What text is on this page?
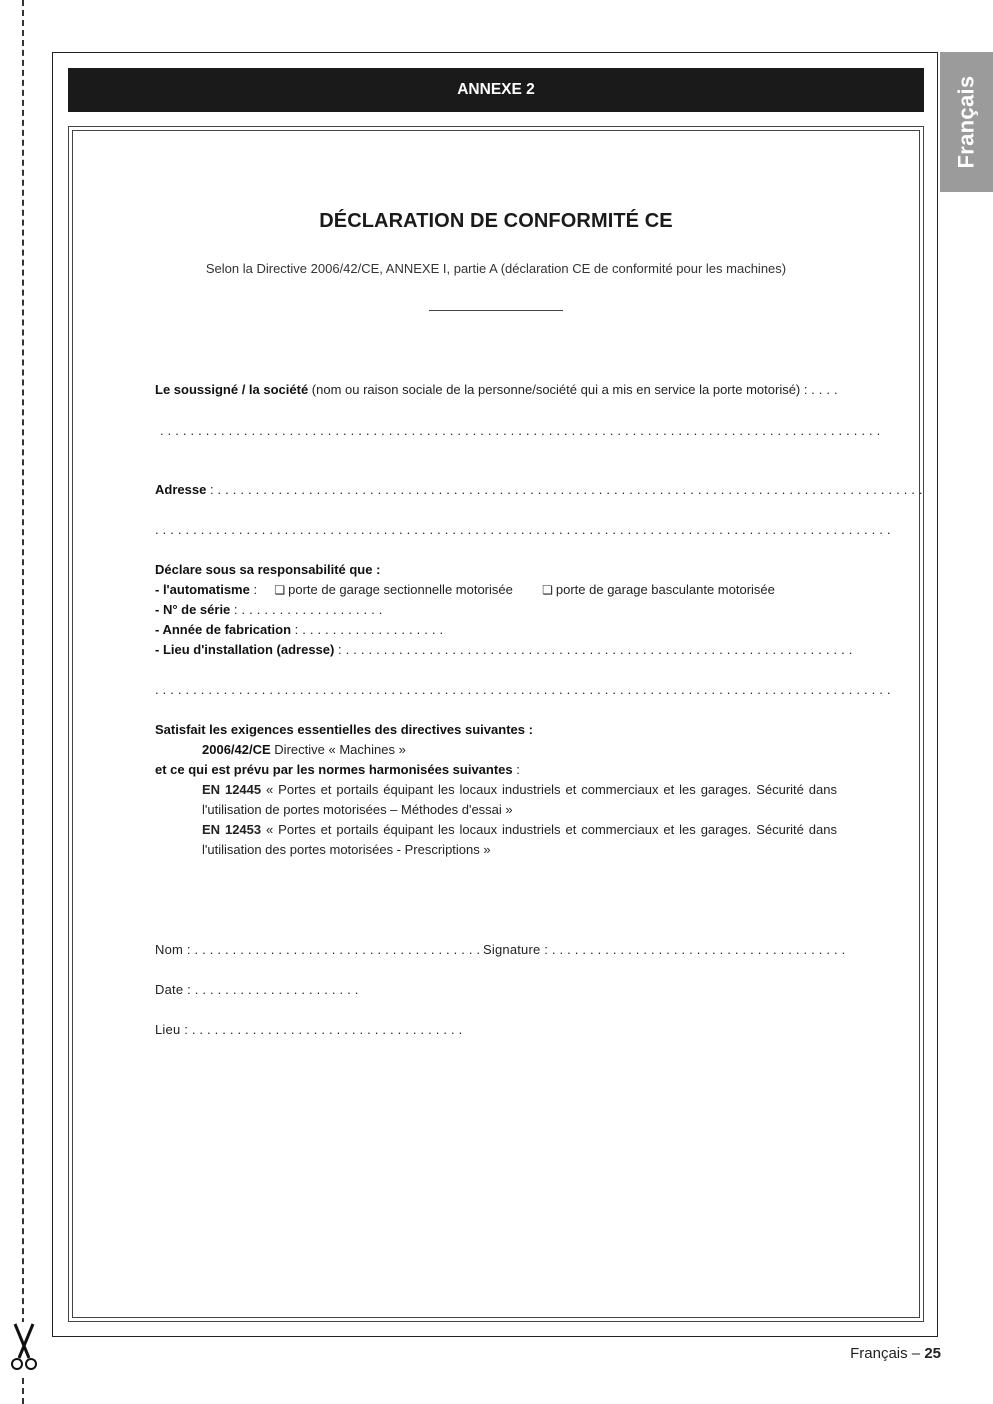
Français
ANNEXE 2
DÉCLARATION DE CONFORMITÉ CE
Selon la Directive 2006/42/CE, ANNEXE I, partie A (déclaration CE de conformité pour les machines)
Le soussigné / la société (nom ou raison sociale de la personne/société qui a mis en service la porte motorisé) : . . . .
. . . . . . . . . . . . . . . . . . . . . . . . . . . . . . . . . . . . . . . . . . . . . . . . . . . . . . . . . . . . . . . . . . . . . . . . . . . . . . . . . . . . . . . . . . . . . . .
Adresse : . . . . . . . . . . . . . . . . . . . . . . . . . . . . . . . . . . . . . . . . . . . . . . . . . . . . . . . . . . . . . . . . . . . . . . . . . . . . . . . . . . . . . . . . . . . . .
. . . . . . . . . . . . . . . . . . . . . . . . . . . . . . . . . . . . . . . . . . . . . . . . . . . . . . . . . . . . . . . . . . . . . . . . . . . . . . . . . . . . . . . . . . . . . . . . .
Déclare sous sa responsabilité que :
- l'automatisme : ❏ porte de garage sectionnelle motorisée ❏ porte de garage basculante motorisée
- N° de série : . . . . . . . . . . . . . . . . . . .
- Année de fabrication : . . . . . . . . . . . . . . . . . . .
- Lieu d'installation (adresse) : . . . . . . . . . . . . . . . . . . . . . . . . . . . . . . . . . . . . . . . . . . . . . . . . . . . . . . . . . . . . . . . . . . .
. . . . . . . . . . . . . . . . . . . . . . . . . . . . . . . . . . . . . . . . . . . . . . . . . . . . . . . . . . . . . . . . . . . . . . . . . . . . . . . . . . . . . . . . . . . . . . . . .
Satisfait les exigences essentielles des directives suivantes :
2006/42/CE Directive « Machines »
et ce qui est prévu par les normes harmonisées suivantes :
EN 12445 « Portes et portails équipant les locaux industriels et commerciaux et les garages. Sécurité dans l'utilisation de portes motorisées – Méthodes d'essai »
EN 12453 « Portes et portails équipant les locaux industriels et commerciaux et les garages. Sécurité dans l'utilisation des portes motorisées - Prescriptions »
Nom : . . . . . . . . . . . . . . . . . . . . . . . . . . . . . . . . . . . . . . Signature : . . . . . . . . . . . . . . . . . . . . . . . . . . . . . . . . . . . . . . .
Date : . . . . . . . . . . . . . . . . . . . . . .
Lieu : . . . . . . . . . . . . . . . . . . . . . . . . . . . . . . . . . . . .
Français – 25
